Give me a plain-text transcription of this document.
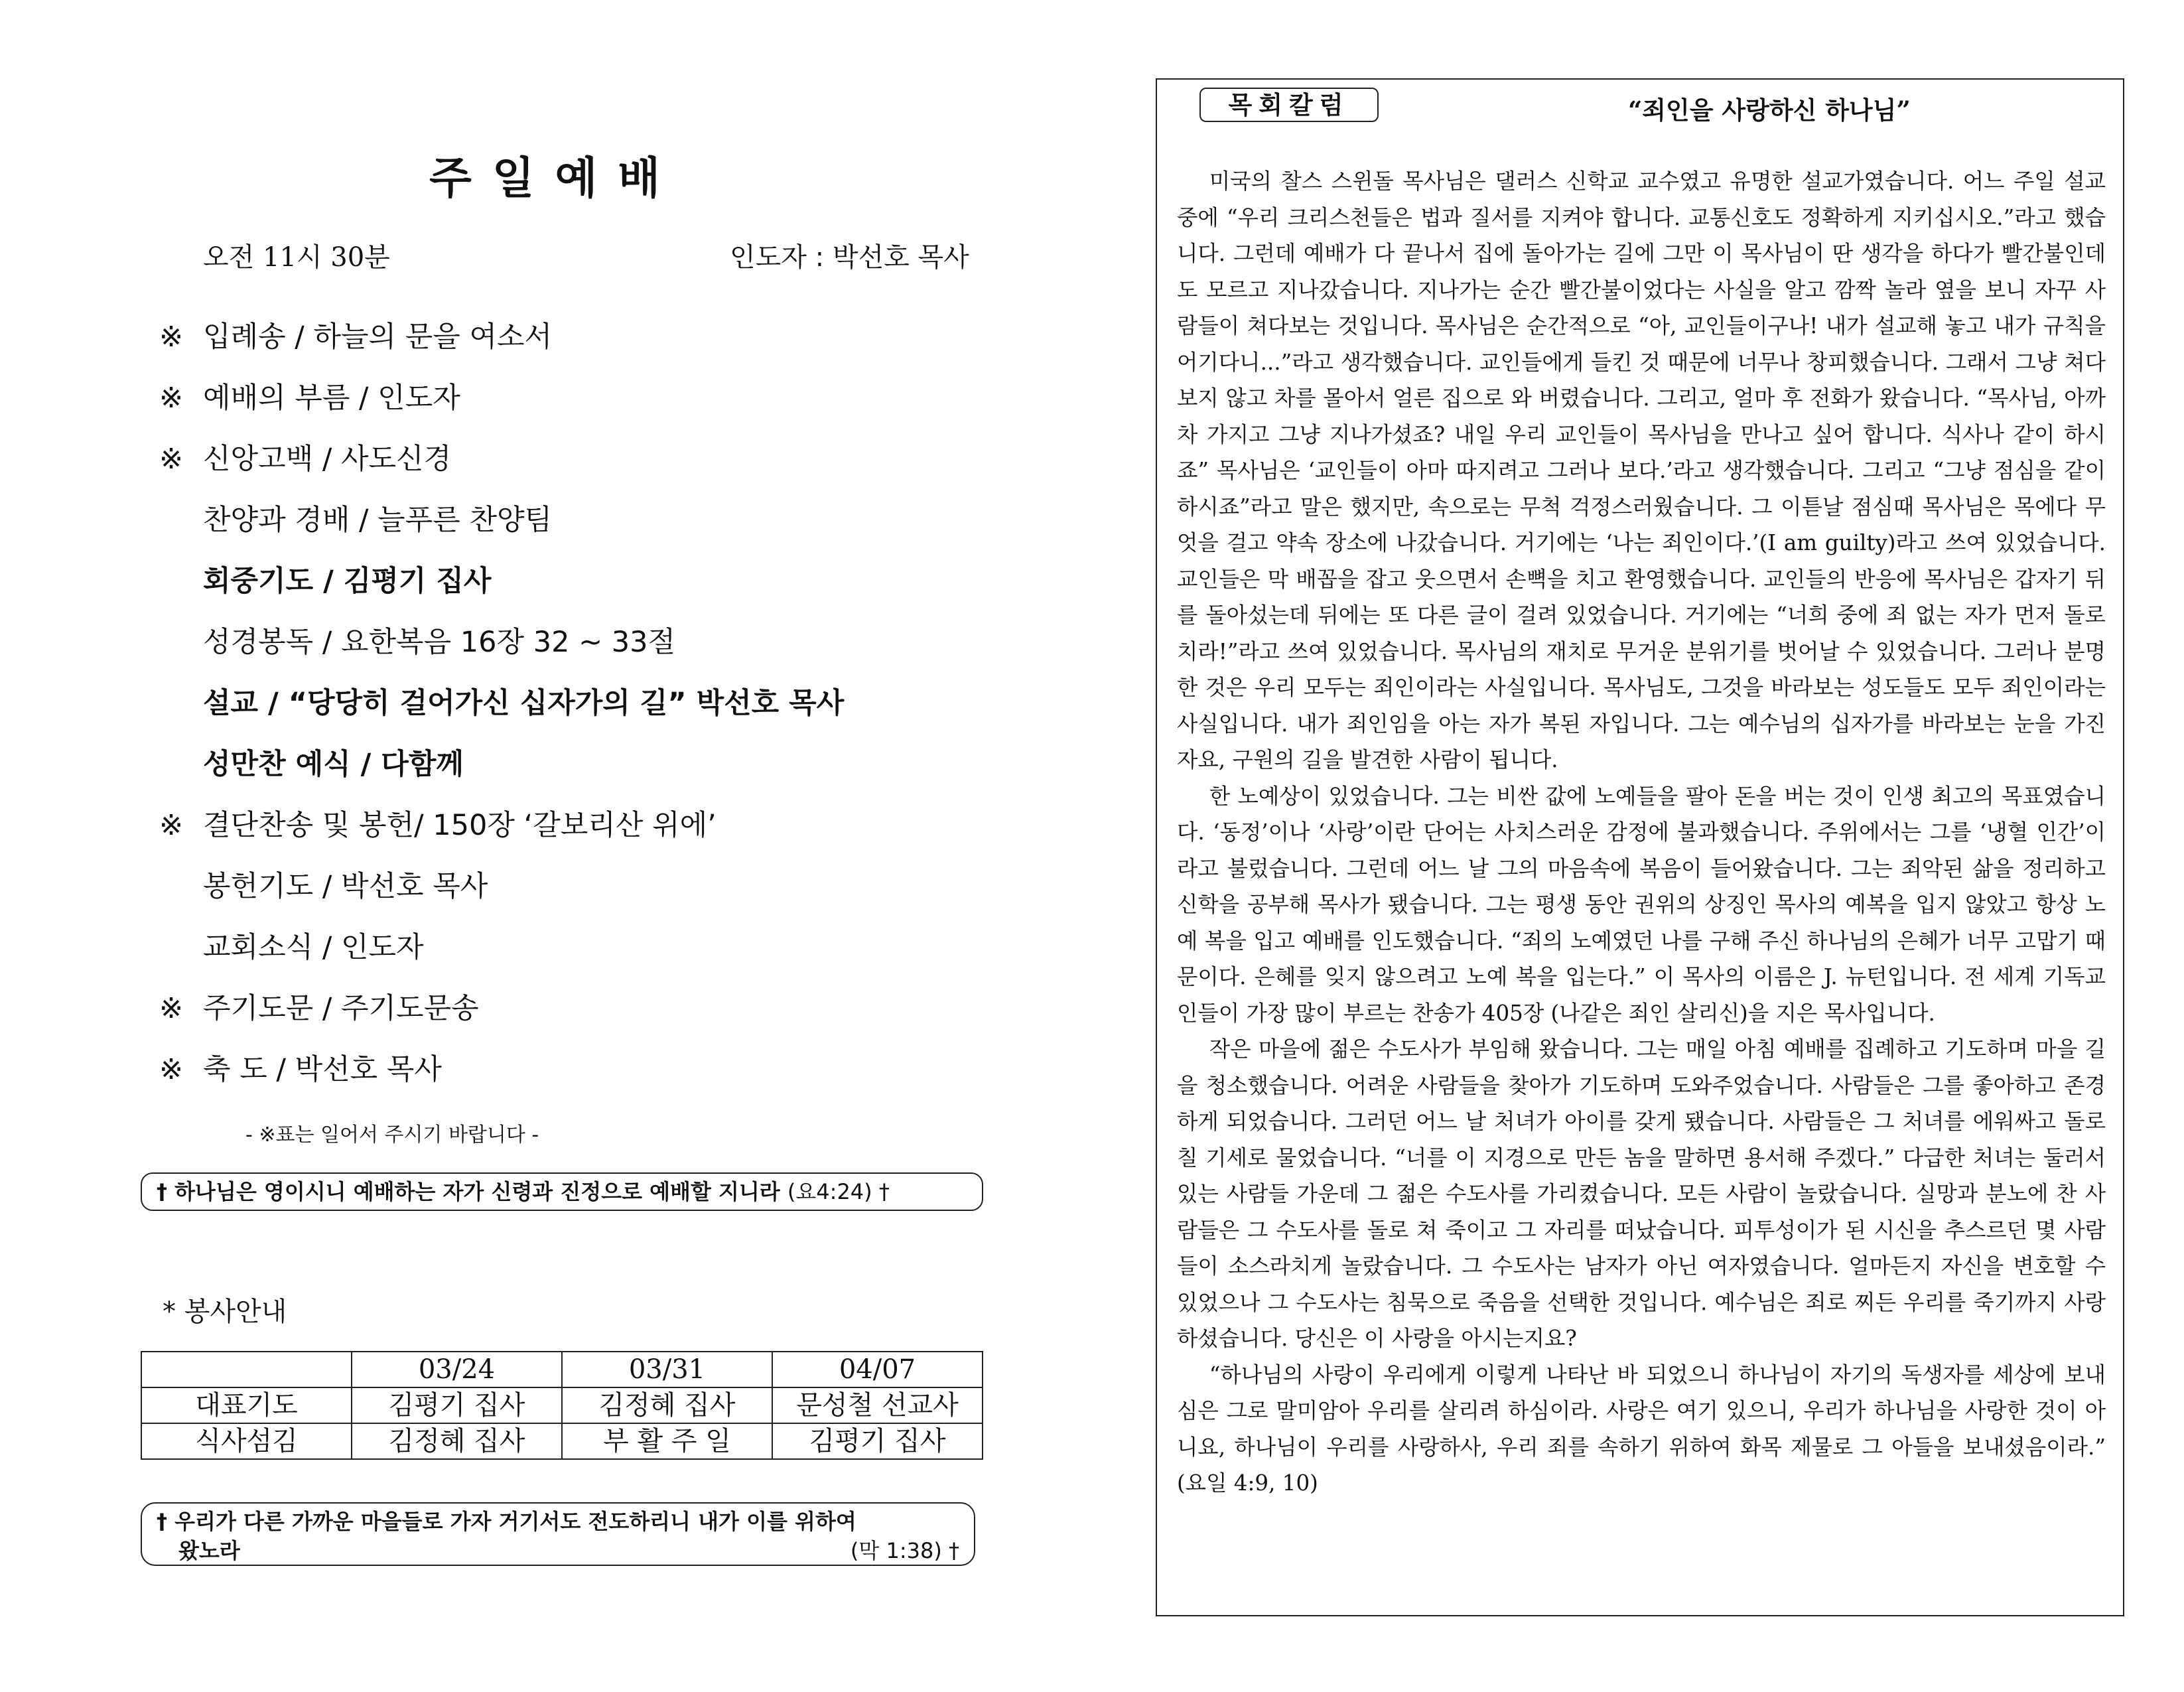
주 일 예 배
오전 11시 30분	인도자 : 박선호 목사
※ 입례송 / 하늘의 문을 여소서
※ 예배의 부름 / 인도자
※ 신앙고백 / 사도신경
찬양과 경배 / 늘푸른 찬양팀
회중기도 / 김평기 집사
성경봉독 / 요한복음 16장 32 ~ 33절
설교 / “당당히 걸어가신 십자가의 길” 박선호 목사
성만찬 예식 / 다함께
※ 결단찬송 및 봉헌/ 150장 ‘갈보리산 위에’
봉헌기도 / 박선호 목사
교회소식 / 인도자
※ 주기도문 / 주기도문송
※ 축 도 / 박선호 목사
- ※표는 일어서 주시기 바랍니다 -
† 하나님은 영이시니 예배하는 자가 신령과 진정으로 예배할 지니라 (요4:24) †
* 봉사안내
	03/24	03/31	04/07
대표기도	김평기 집사	김정혜 집사	문성철 선교사
식사섬김	김정혜 집사	부 활 주 일	김평기 집사
† 우리가 다른 가까운 마을들로 가자 거기서도 전도하리니 내가 이를 위하여
왔노라	(막 1:38) †
목회칼럼	“죄인을 사랑하신 하나님”

미국의 찰스 스윈돌 목사님은 댈러스 신학교 교수였고 유명한 설교가였습니다. 어느 주일 설교 중에 “우리 크리스천들은 법과 질서를 지켜야 합니다. 교통신호도 정확하게 지키십시오.”라고 했습니다. 그런데 예배가 다 끝나서 집에 돌아가는 길에 그만 이 목사님이 딴 생각을 하다가 빨간불인데도 모르고 지나갔습니다. 지나가는 순간 빨간불이었다는 사실을 알고 깜짝 놀라 옆을 보니 자꾸 사람들이 쳐다보는 것입니다. 목사님은 순간적으로 “아, 교인들이구나! 내가 설교해 놓고 내가 규칙을 어기다니...”라고 생각했습니다. 교인들에게 들킨 것 때문에 너무나 창피했습니다. 그래서 그냥 쳐다보지 않고 차를 몰아서 얼른 집으로 와 버렸습니다. 그리고, 얼마 후 전화가 왔습니다. “목사님, 아까 차 가지고 그냥 지나가셨죠? 내일 우리 교인들이 목사님을 만나고 싶어 합니다. 식사나 같이 하시죠” 목사님은 ‘교인들이 아마 따지려고 그러나 보다.’라고 생각했습니다. 그리고 “그냥 점심을 같이 하시죠”라고 말은 했지만, 속으로는 무척 걱정스러웠습니다. 그 이튿날 점심때 목사님은 목에다 무엇을 걸고 약속 장소에 나갔습니다. 거기에는 ‘나는 죄인이다.’(I am guilty)라고 쓰여 있었습니다. 교인들은 막 배꼽을 잡고 웃으면서 손뼉을 치고 환영했습니다. 교인들의 반응에 목사님은 갑자기 뒤를 돌아섰는데 뒤에는 또 다른 글이 걸려 있었습니다. 거기에는 “너희 중에 죄 없는 자가 먼저 돌로 치라!”라고 쓰여 있었습니다. 목사님의 재치로 무거운 분위기를 벗어날 수 있었습니다. 그러나 분명한 것은 우리 모두는 죄인이라는 사실입니다. 목사님도, 그것을 바라보는 성도들도 모두 죄인이라는 사실입니다. 내가 죄인임을 아는 자가 복된 자입니다. 그는 예수님의 십자가를 바라보는 눈을 가진 자요, 구원의 길을 발견한 사람이 됩니다.

한 노예상이 있었습니다. 그는 비싼 값에 노예들을 팔아 돈을 버는 것이 인생 최고의 목표였습니다. ‘동정’이나 ‘사랑’이란 단어는 사치스러운 감정에 불과했습니다. 주위에서는 그를 ‘냉혈 인간’이라고 불렀습니다. 그런데 어느 날 그의 마음속에 복음이 들어왔습니다. 그는 죄악된 삶을 정리하고 신학을 공부해 목사가 됐습니다. 그는 평생 동안 권위의 상징인 목사의 예복을 입지 않았고 항상 노예 복을 입고 예배를 인도했습니다. “죄의 노예였던 나를 구해 주신 하나님의 은혜가 너무 고맙기 때문이다. 은혜를 잊지 않으려고 노예 복을 입는다.” 이 목사의 이름은 J. 뉴턴입니다. 전 세계 기독교인들이 가장 많이 부르는 찬송가 405장 (나같은 죄인 살리신)을 지은 목사입니다.

작은 마을에 젊은 수도사가 부임해 왔습니다. 그는 매일 아침 예배를 집례하고 기도하며 마을 길을 청소했습니다. 어려운 사람들을 찾아가 기도하며 도와주었습니다. 사람들은 그를 좋아하고 존경하게 되었습니다. 그러던 어느 날 처녀가 아이를 갖게 됐습니다. 사람들은 그 처녀를 에워싸고 돌로 칠 기세로 물었습니다. “너를 이 지경으로 만든 놈을 말하면 용서해 주겠다.” 다급한 처녀는 둘러서 있는 사람들 가운데 그 젊은 수도사를 가리켰습니다. 모든 사람이 놀랐습니다. 실망과 분노에 찬 사람들은 그 수도사를 돌로 쳐 죽이고 그 자리를 떠났습니다. 피투성이가 된 시신을 추스르던 몇 사람들이 소스라치게 놀랐습니다. 그 수도사는 남자가 아닌 여자였습니다. 얼마든지 자신을 변호할 수 있었으나 그 수도사는 침묵으로 죽음을 선택한 것입니다. 예수님은 죄로 찌든 우리를 죽기까지 사랑하셨습니다. 당신은 이 사랑을 아시는지요?

“하나님의 사랑이 우리에게 이렇게 나타난 바 되었으니 하나님이 자기의 독생자를 세상에 보내심은 그로 말미암아 우리를 살리려 하심이라. 사랑은 여기 있으니, 우리가 하나님을 사랑한 것이 아니요, 하나님이 우리를 사랑하사, 우리 죄를 속하기 위하여 화목 제물로 그 아들을 보내셨음이라.” (요일 4:9, 10)
